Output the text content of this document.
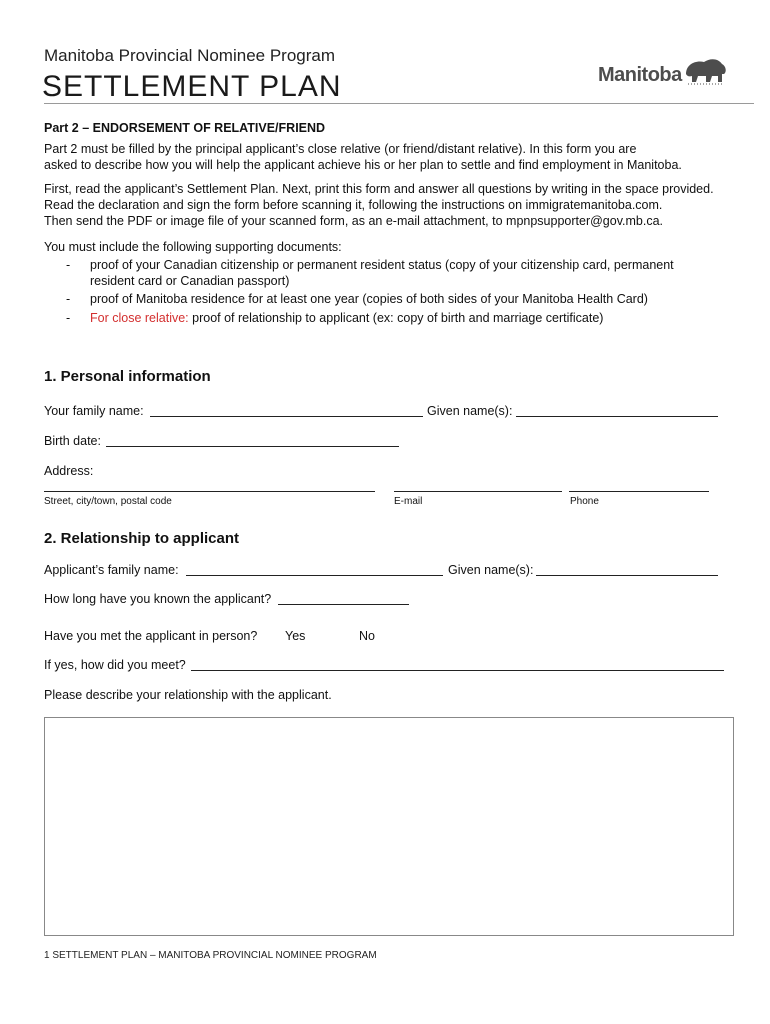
Manitoba Provincial Nominee Program
SETTLEMENT PLAN	Manitoba
Part 2 – ENDORSEMENT OF RELATIVE/FRIEND
Part 2 must be filled by the principal applicant’s close relative (or friend/distant relative). In this form you are
asked to describe how you will help the applicant achieve his or her plan to settle and find employment in Manitoba.
First, read the applicant’s Settlement Plan. Next, print this form and answer all questions by writing in the space provided.
Read the declaration and sign the form before scanning it, following the instructions on immigratemanitoba.com.
Then send the PDF or image file of your scanned form, as an e-mail attachment, to mpnpsupporter@gov.mb.ca.
You must include the following supporting documents:
- proof of your Canadian citizenship or permanent resident status (copy of your citizenship card, permanent
resident card or Canadian passport)
- proof of Manitoba residence for at least one year (copies of both sides of your Manitoba Health Card)
- For close relative: proof of relationship to applicant (ex: copy of birth and marriage certificate)
1. Personal information
Your family name:	Given name(s):
Birth date:
Address:
Street, city/town, postal code	E-mail	Phone
2. Relationship to applicant
Applicant’s family name:	Given name(s):
How long have you known the applicant?
Have you met the applicant in person? Yes	No
If yes, how did you meet?
Please describe your relationship with the applicant.
1 SETTLEMENT PLAN – MANITOBA PROVINCIAL NOMINEE PROGRAM
